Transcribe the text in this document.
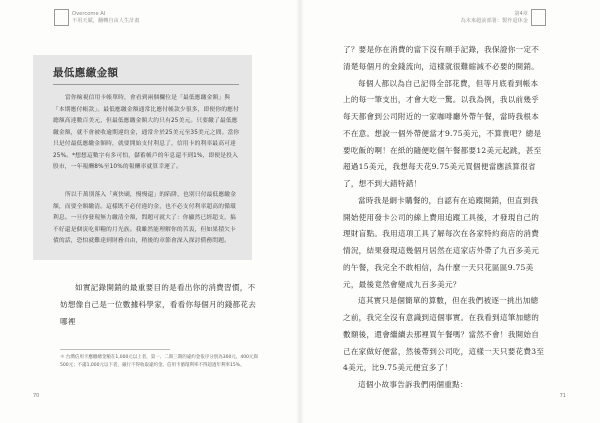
Overcome AI
不用天賦，翻轉自由人生計畫
最低應繳金額

當你檢視信用卡帳單時，會看到兩個欄位是「最低應繳金額」與「本期應付帳款」。最低應繳金額通常比應付帳款少很多，即便你的應付總額高達數百美元，但最低應繳金額大約只有25美元。只要繳了最低應繳金額，就不會被收逾期違約金，通常介於25美元至35美元之間。當你只是付最低應繳金額時，就要開始支付利息了，信用卡的利率最高可達25%。*想想這數字有多可怕，儲蓄帳戶的年息還不到1%，即便是投入股市，一年報酬8%至10%的報酬率就算幸運了。

所以千萬別落入「爽快刷，慢慢還」的陷阱，也別只付最低應繳金額，而要全額繳清。這樣既不必付違約金，也不必支付利率超高的循環利息。一旦你發現無力繳清全額，問題可就大了：你顯然已經超支，搞不好還是個寅吃卯糧的月光族。我雖然能理解你的苦衷，但如果積欠卡債的話，恐怕就難達到財務自由，稍後的章節會深入探討償務問題。

如實記錄開銷的最重要目的是看出你的消費習慣，不妨想像自己是一位數據科學家，看看你每個月的錢都花去哪裡

＊ 台灣信用卡應繳總金額在1,000元以上者，第一、二與三期的違約金依序分別為300元、400元與500元；不滿1,000元以下者，銀行不得收取違約金。信用卡循環利率不得超過年利率15%。

70
第4章
為未來超前部署：製作退休金
71
了？要是你在消費的當下沒有順手記錄，我保證你一定不清楚每個月的金錢流向，這樣就很難縮減不必要的開銷。
每個人都以為自己記得全部花費，但等月底看到帳本上的每一筆支出，才會大吃一驚。以我為例，我以前幾乎每天都會到公司附近的一家咖啡廳外帶午餐，當時我根本不在意。想說一個外帶便當才9.75美元，不算貴吧？總是要吃飯的啊！在紙的隨便吃個午餐都要12美元起跳，甚至超過15美元，我想每天花9.75美元買個便當應該算很省了，想不到大錯特錯！
當時我是網卡購餐的，自認有在追蹤開銷，但直到我開始使用發卡公司的線上費用追蹤工具後，才發現自己的理財盲點。我用這項工具了解每次在各家特約商店的消費情況，結果發現這幾個月居然在這家店外帶了九百多美元的午餐，我完全不敢相信，為什麼一天只花區區9.75美元，最後竟然會變成九百多美元？
這其實只是個簡單的算數，但在我們被逐一挑出加總之前，我完全沒有意識到這個事實。在我看到這筆加總的數額後，還會繼續去那裡買午餐嗎？當然不會！我開始自己在家做好便當，然後帶到公司吃，這樣一天只要花費3至4美元，比9.75美元便宜多了！
這個小故事告訴我們兩個重點：
